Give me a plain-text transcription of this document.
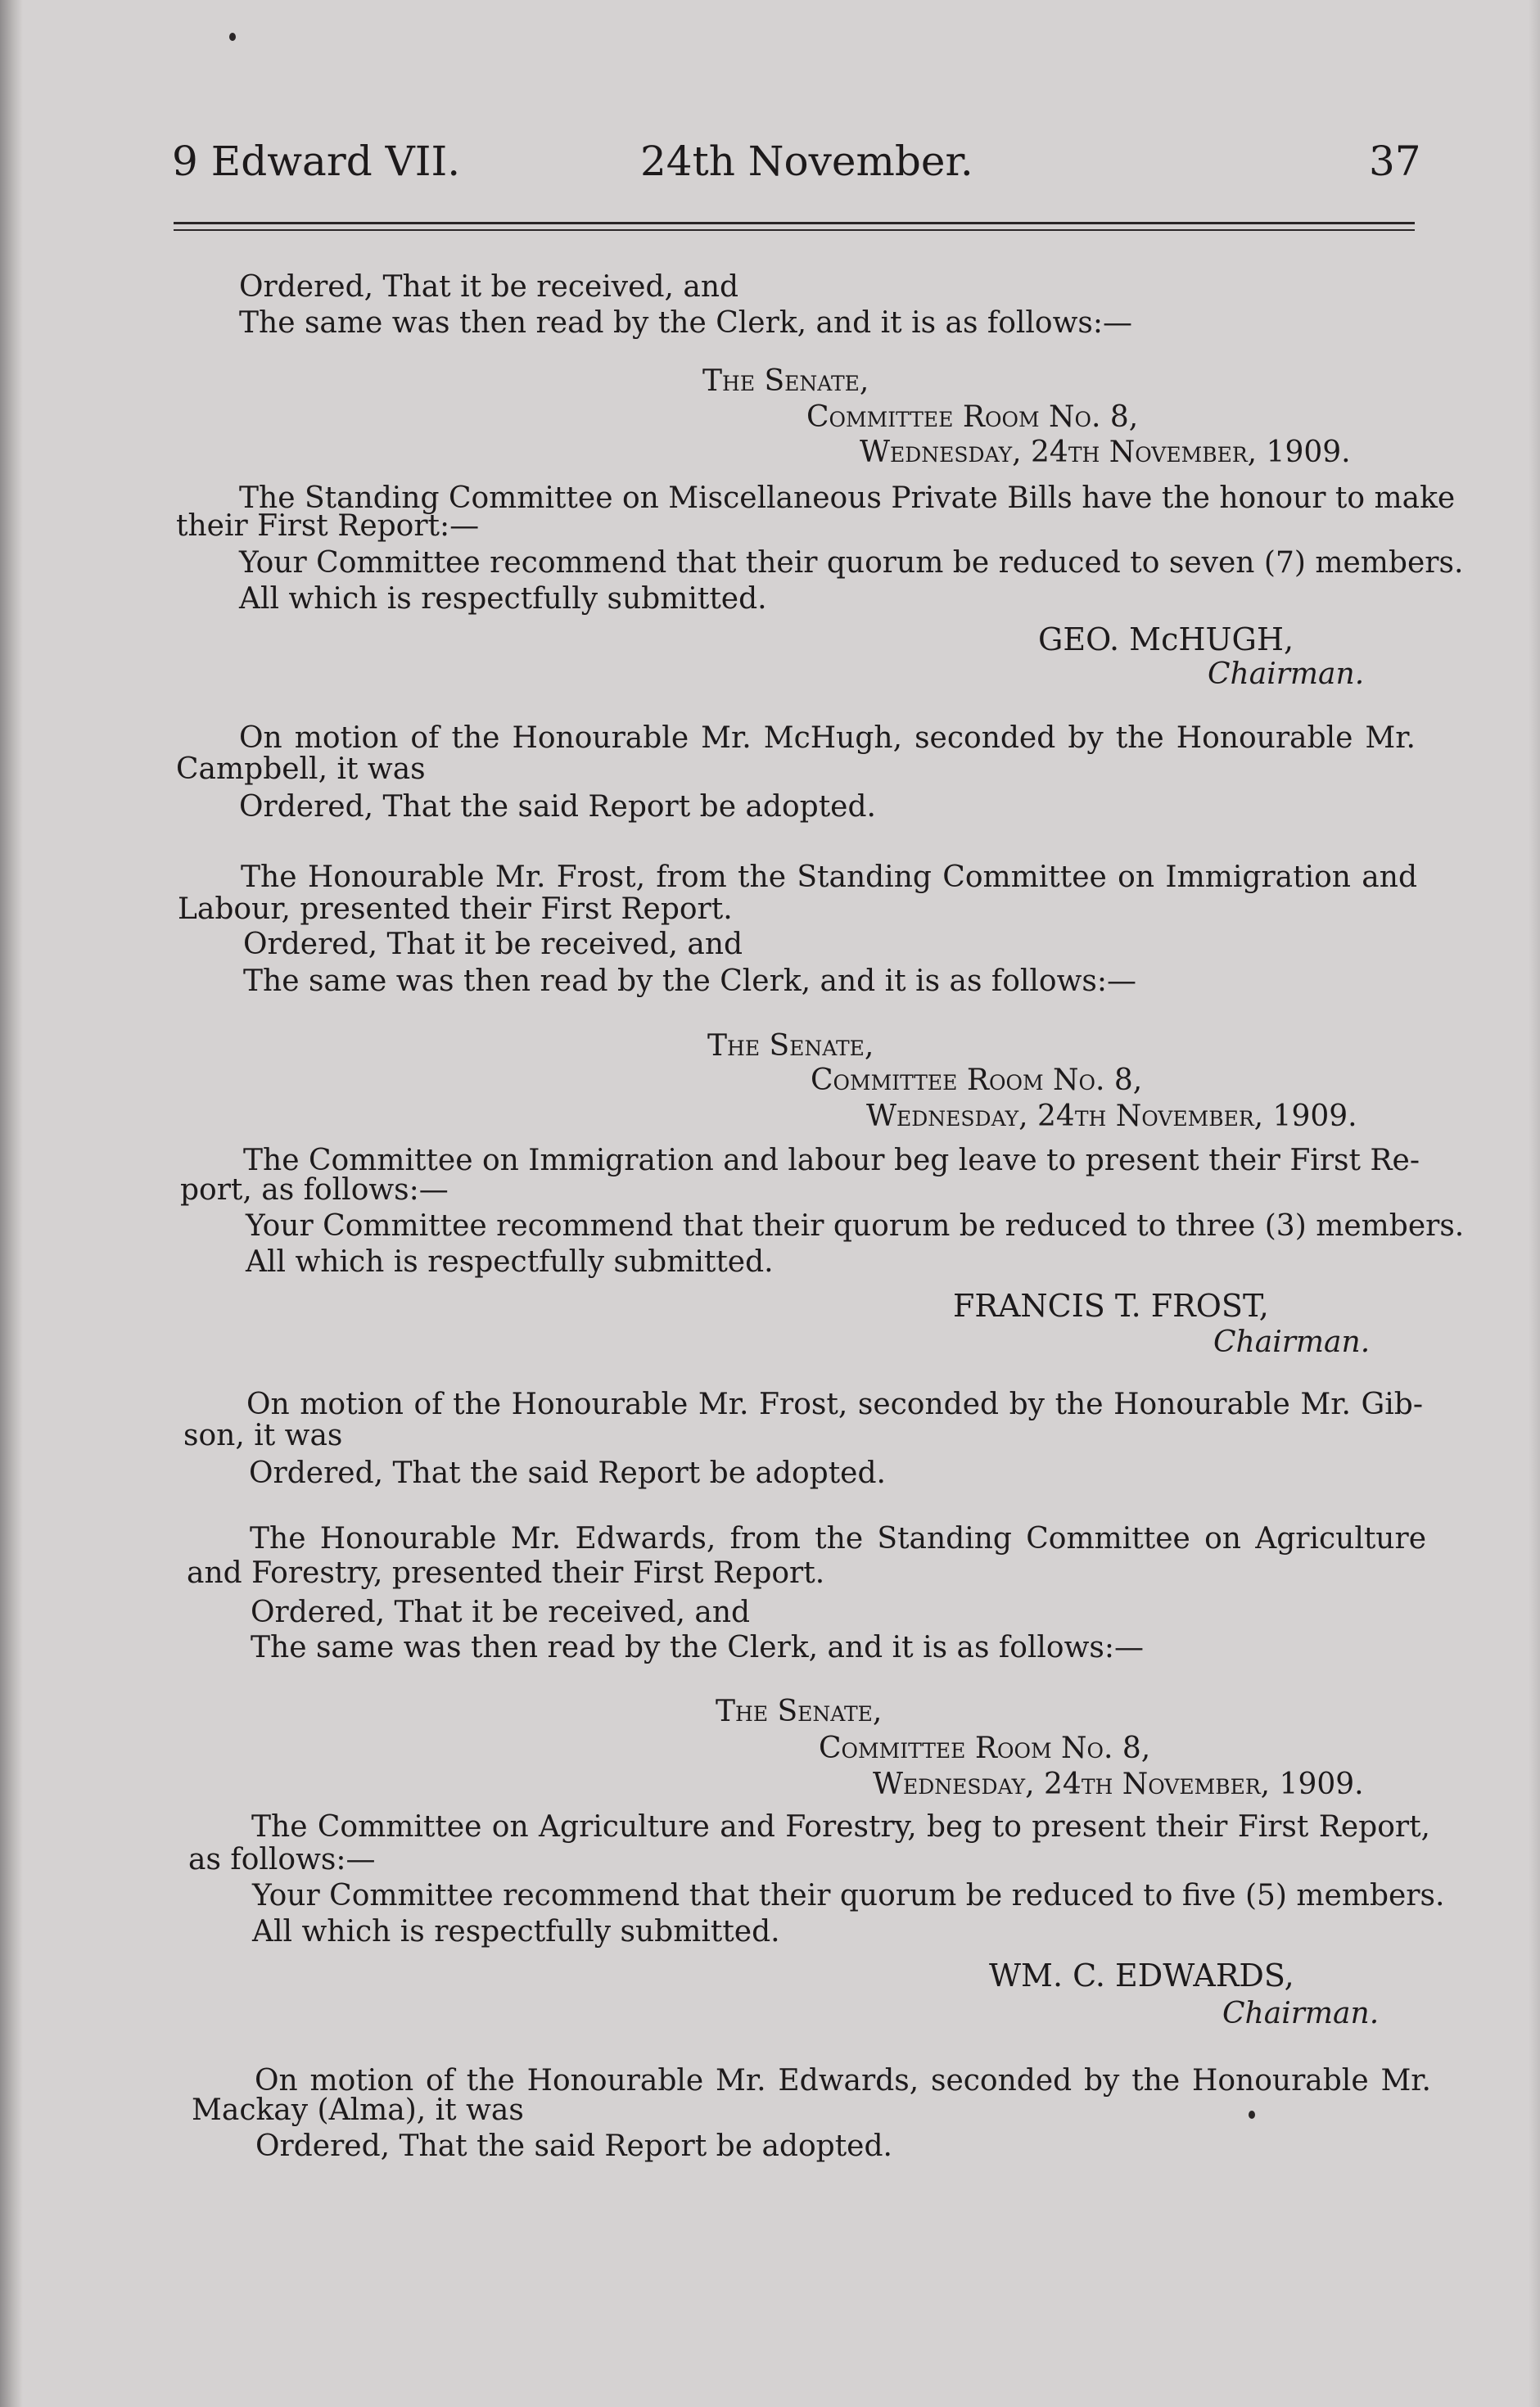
9 Edward VII.	24th November.	37
Ordered, That it be received, and
The same was then read by the Clerk, and it is as follows:—
The Senate,
Committee Room No. 8,
Wednesday, 24th November, 1909.
The Standing Committee on Miscellaneous Private Bills have the honour to make
their First Report:—
Your Committee recommend that their quorum be reduced to seven (7) members.
All which is respectfully submitted.
GEO. McHUGH,
Chairman.
On motion of the Honourable Mr. McHugh, seconded by the Honourable Mr.
Campbell, it was
Ordered, That the said Report be adopted.
The Honourable Mr. Frost, from the Standing Committee on Immigration and
Labour, presented their First Report.
Ordered, That it be received, and
The same was then read by the Clerk, and it is as follows:—
The Senate,
Committee Room No. 8,
Wednesday, 24th November, 1909.
The Committee on Immigration and labour beg leave to present their First Re-
port, as follows:—
Your Committee recommend that their quorum be reduced to three (3) members.
All which is respectfully submitted.
FRANCIS T. FROST,
Chairman.
On motion of the Honourable Mr. Frost, seconded by the Honourable Mr. Gib-
son, it was
Ordered, That the said Report be adopted.
The Honourable Mr. Edwards, from the Standing Committee on Agriculture
and Forestry, presented their First Report.
Ordered, That it be received, and
The same was then read by the Clerk, and it is as follows:—
The Senate,
Committee Room No. 8,
Wednesday, 24th November, 1909.
The Committee on Agriculture and Forestry, beg to present their First Report,
as follows:—
Your Committee recommend that their quorum be reduced to five (5) members.
All which is respectfully submitted.
WM. C. EDWARDS,
Chairman.
On motion of the Honourable Mr. Edwards, seconded by the Honourable Mr.
Mackay (Alma), it was
Ordered, That the said Report be adopted.
